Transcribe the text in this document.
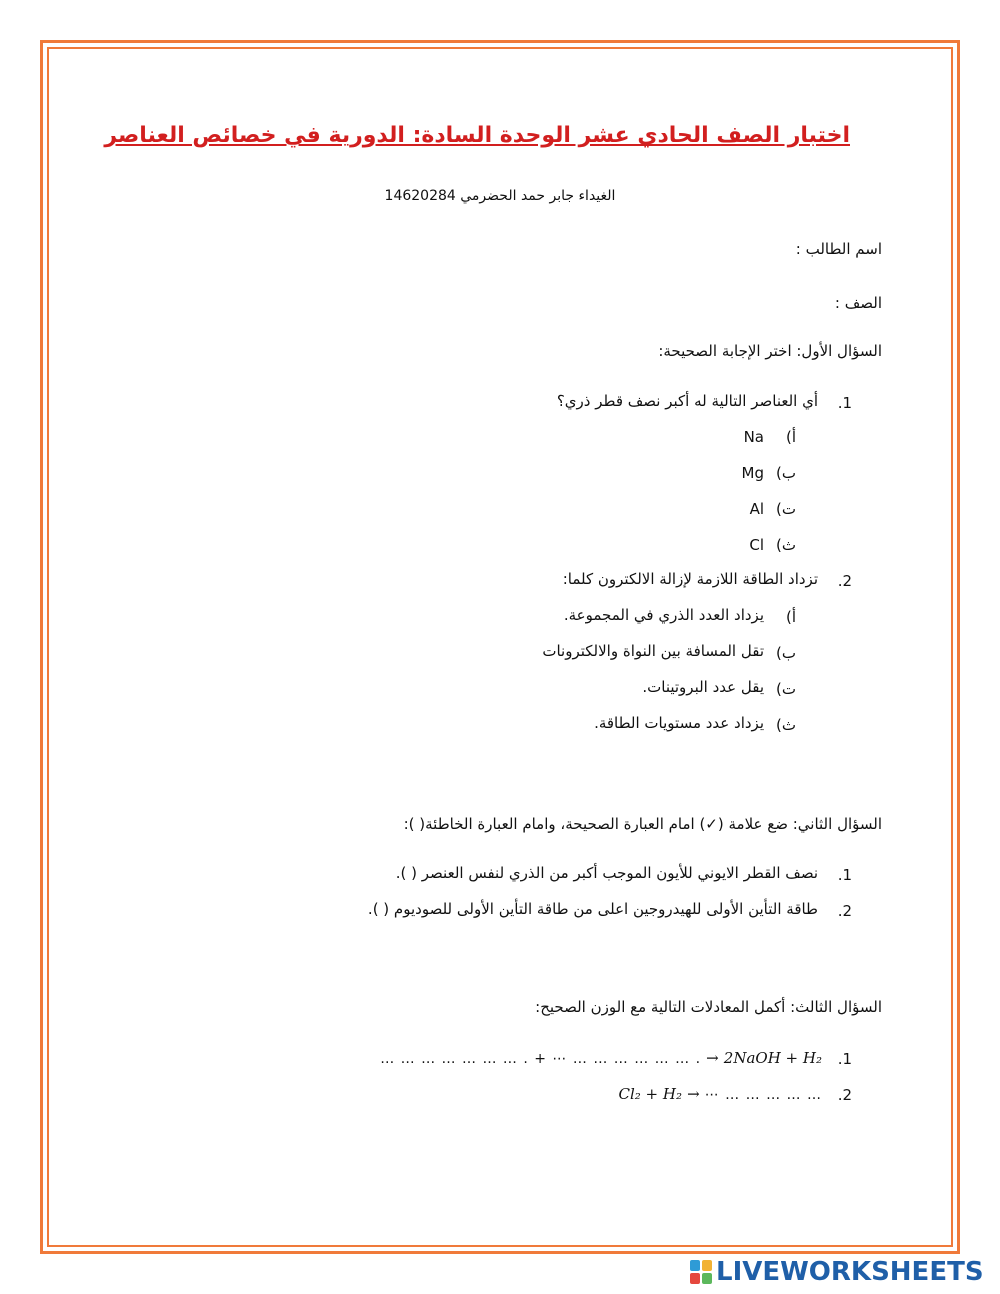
اختبار الصف الحادي عشر الوحدة السادة: الدورية في خصائص العناصر
الغيداء جابر حمد الحضرمي 14620284
اسم الطالب :
الصف :
السؤال الأول: اختر الإجابة الصحيحة:
.1
أي العناصر التالية له أكبر نصف قطر ذري؟
أ)
Na
ب)
Mg
ت)
Al
ث)
Cl
.2
تزداد الطاقة اللازمة لإزالة الالكترون كلما:
أ)
يزداد العدد الذري في المجموعة.
ب)
تقل المسافة بين النواة والالكترونات
ت)
يقل عدد البروتينات.
ث)
يزداد عدد مستويات الطاقة.
السؤال الثاني: ضع علامة (✓) امام العبارة الصحيحة، وامام العبارة الخاطئة( ):
.1
نصف القطر الايوني للأيون الموجب أكبر من الذري لنفس العنصر ( ).
.2
طاقة التأين الأولى للهيدروجين اعلى من طاقة التأين الأولى للصوديوم ( ).
السؤال الثالث: أكمل المعادلات التالية مع الوزن الصحيح:
.1
… … … … … … … . + ⋯ … … … … … … . → 2NaOH + H₂
.2
Cl₂ + H₂ → ⋯ … … … … …
LIVEWORKSHEETS
